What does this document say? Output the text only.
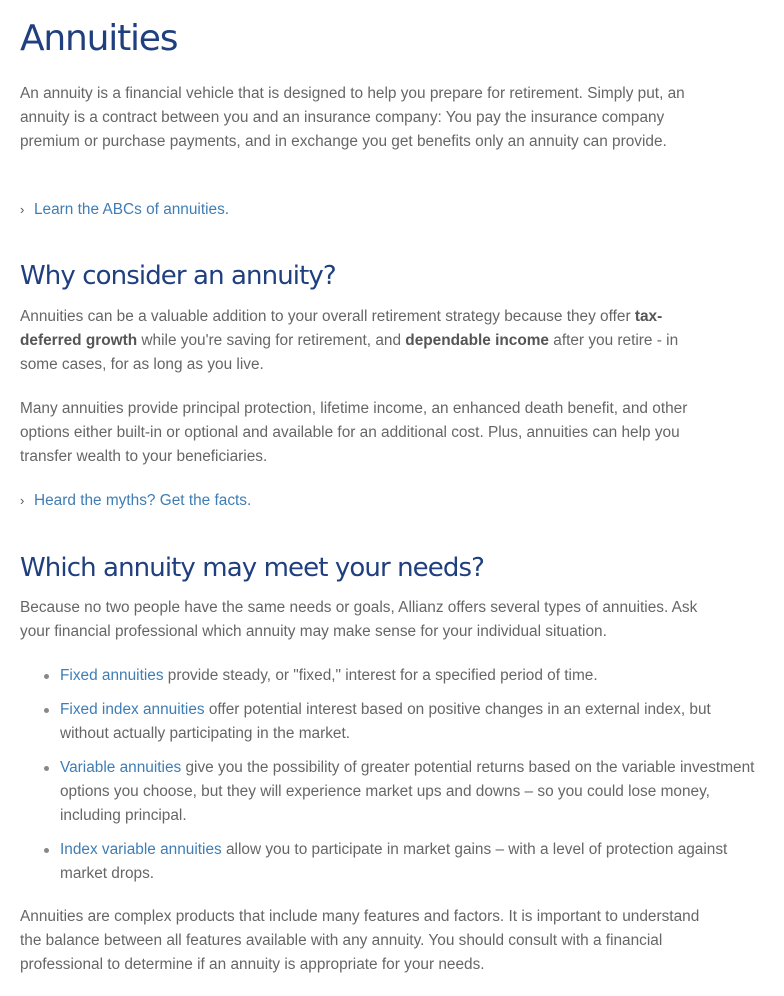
Annuities

An annuity is a financial vehicle that is designed to help you prepare for retirement. Simply put, an annuity is a contract between you and an insurance company: You pay the insurance company premium or purchase payments, and in exchange you get benefits only an annuity can provide.

› Learn the ABCs of annuities.
Why consider an annuity?

Annuities can be a valuable addition to your overall retirement strategy because they offer tax-deferred growth while you're saving for retirement, and dependable income after you retire - in some cases, for as long as you live.

Many annuities provide principal protection, lifetime income, an enhanced death benefit, and other options either built-in or optional and available for an additional cost. Plus, annuities can help you transfer wealth to your beneficiaries.

› Heard the myths? Get the facts.
Which annuity may meet your needs?

Because no two people have the same needs or goals, Allianz offers several types of annuities. Ask your financial professional which annuity may make sense for your individual situation.

Fixed annuities provide steady, or "fixed," interest for a specified period of time.
Fixed index annuities offer potential interest based on positive changes in an external index, but without actually participating in the market.
Variable annuities give you the possibility of greater potential returns based on the variable investment options you choose, but they will experience market ups and downs – so you could lose money, including principal.
Index variable annuities allow you to participate in market gains – with a level of protection against market drops.

Annuities are complex products that include many features and factors. It is important to understand the balance between all features available with any annuity. You should consult with a financial professional to determine if an annuity is appropriate for your needs.
